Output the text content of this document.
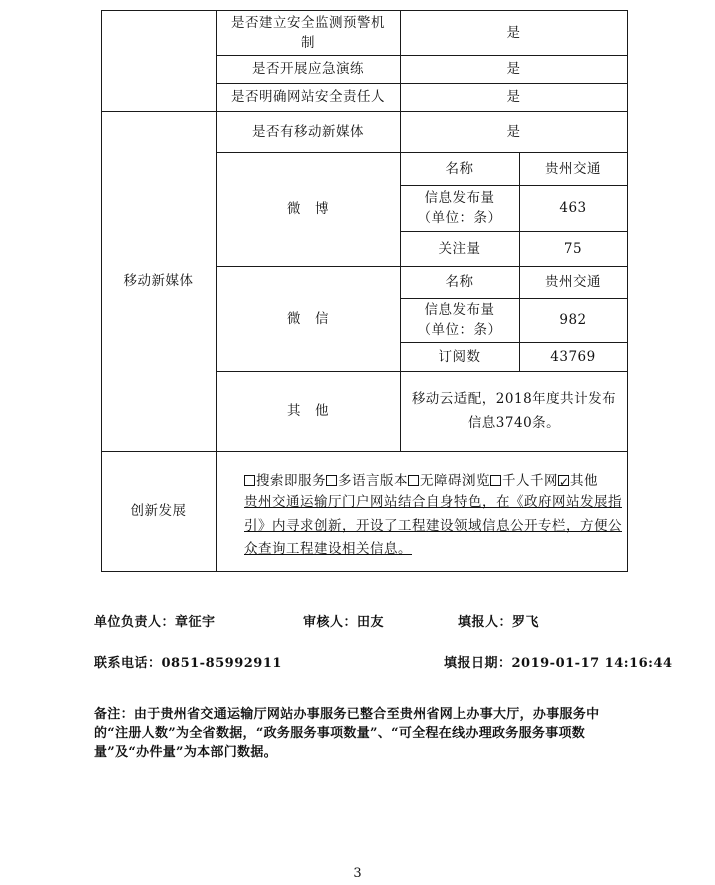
是否建立安全监测预警机制
是
是否开展应急演练	是
是否明确网站安全责任人	是
移动新媒体
是否有移动新媒体	是
微　博
名称	贵州交通
信息发布量（单位：条）
463
关注量	75
微　信
名称	贵州交通
信息发布量（单位：条）
982
订阅数	43769
其　他
移动云适配，2018年度共计发布信息3740条。
创新发展
搜索即服务 多语言版本 无障碍浏览 千人千网✓ 其他
贵州交通运输厅门户网站结合自身特色，在《政府网站发展指引》内寻求创新，开设了工程建设领域信息公开专栏，方便公众查询工程建设相关信息。
单位负责人：章征宇	审核人：田友	填报人：罗飞
联系电话：0851-85992911	填报日期：2019-01-17 14:16:44
备注：由于贵州省交通运输厅网站办事服务已整合至贵州省网上办事大厅，办事服务中的“注册人数”为全省数据，“政务服务事项数量”、“可全程在线办理政务服务事项数量”及“办件量”为本部门数据。
3
